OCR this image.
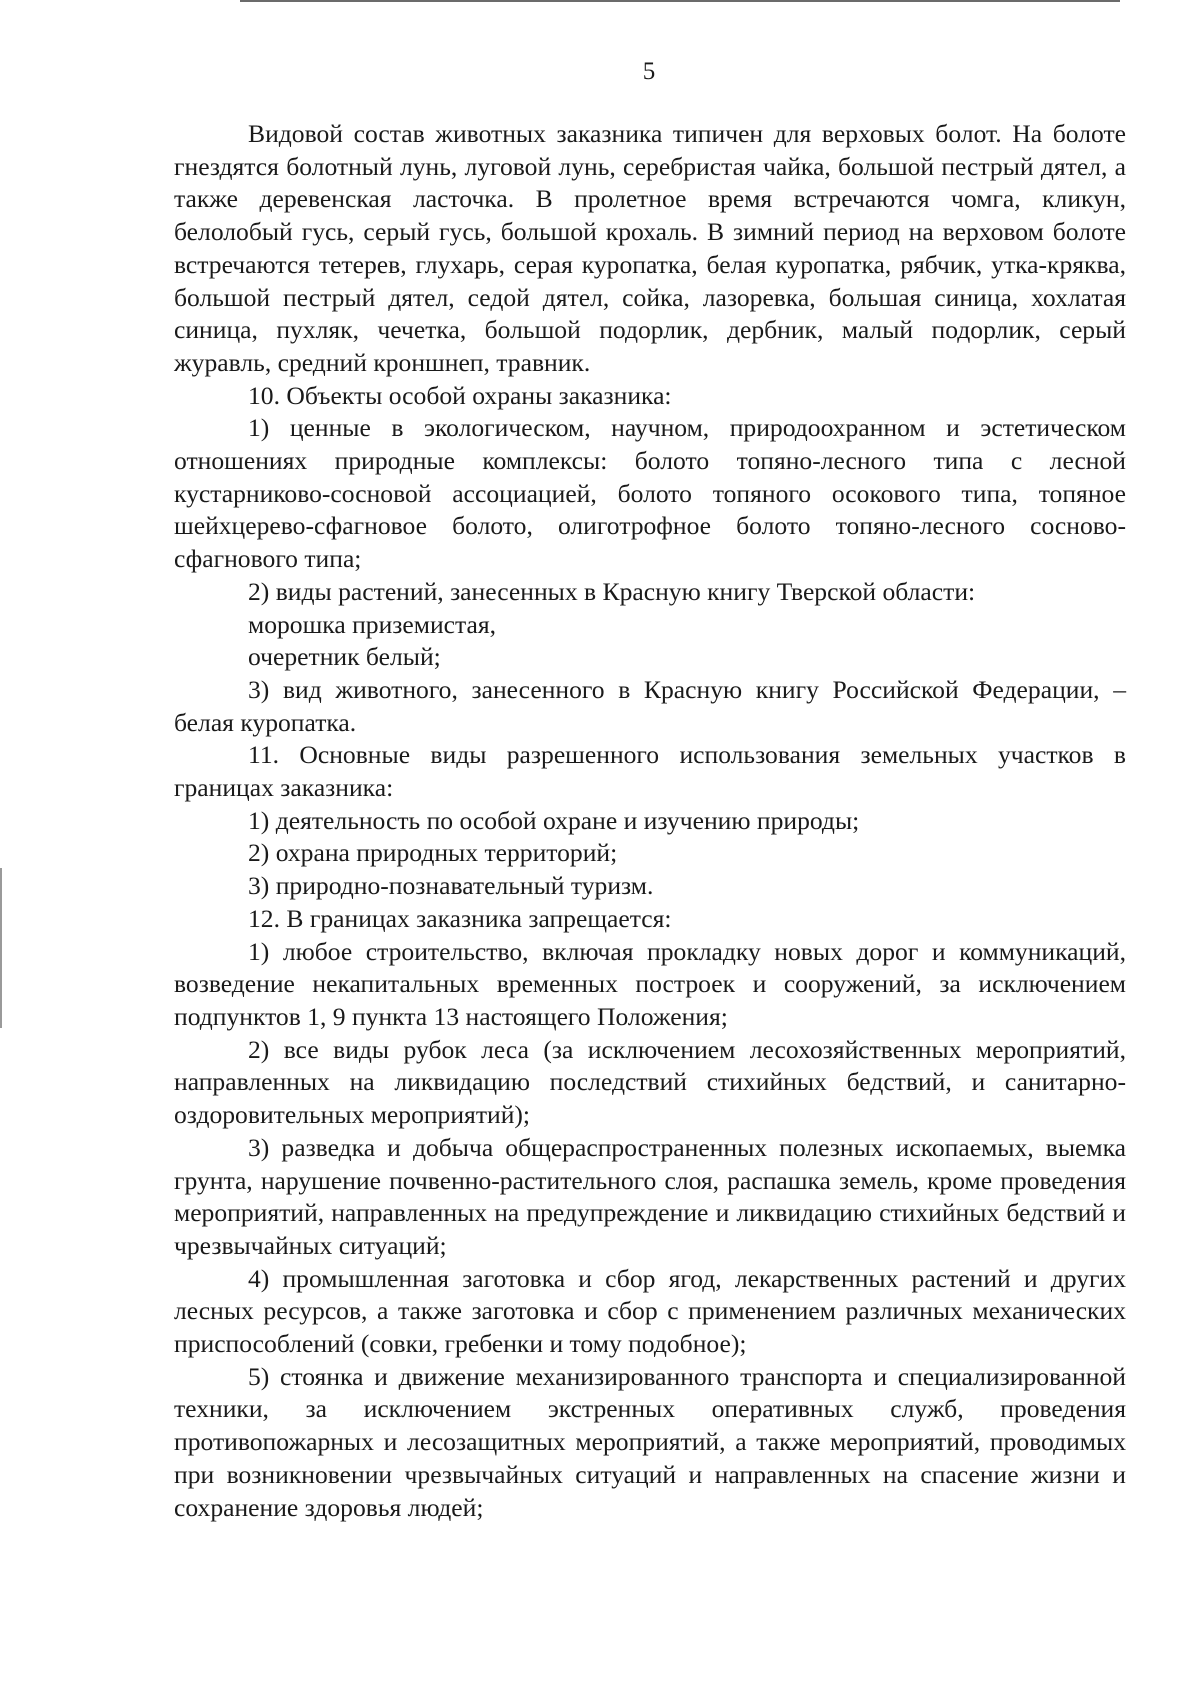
5

Видовой состав животных заказника типичен для верховых болот. На болоте гнездятся болотный лунь, луговой лунь, серебристая чайка, большой пестрый дятел, а также деревенская ласточка. В пролетное время встречаются чомга, кликун, белолобый гусь, серый гусь, большой крохаль. В зимний период на верховом болоте встречаются тетерев, глухарь, серая куропатка, белая куропатка, рябчик, утка-кряква, большой пестрый дятел, седой дятел, сойка, лазоревка, большая синица, хохлатая синица, пухляк, чечетка, большой подорлик, дербник, малый подорлик, серый журавль, средний кроншнеп, травник.

10. Объекты особой охраны заказника:

1) ценные в экологическом, научном, природоохранном и эстетическом отношениях природные комплексы: болото топяно-лесного типа с лесной кустарниково-сосновой ассоциацией, болото топяного осокового типа, топяное шейхцерево-сфагновое болото, олиготрофное болото топяно-лесного сосново-сфагнового типа;

2) виды растений, занесенных в Красную книгу Тверской области:

морошка приземистая,

очеретник белый;

3) вид животного, занесенного в Красную книгу Российской Федерации, – белая куропатка.

11. Основные виды разрешенного использования земельных участков в границах заказника:

1) деятельность по особой охране и изучению природы;

2) охрана природных территорий;

3) природно-познавательный туризм.

12. В границах заказника запрещается:

1) любое строительство, включая прокладку новых дорог и коммуникаций, возведение некапитальных временных построек и сооружений, за исключением подпунктов 1, 9 пункта 13 настоящего Положения;

2) все виды рубок леса (за исключением лесохозяйственных мероприятий, направленных на ликвидацию последствий стихийных бедствий, и санитарно-оздоровительных мероприятий);

3) разведка и добыча общераспространенных полезных ископаемых, выемка грунта, нарушение почвенно-растительного слоя, распашка земель, кроме проведения мероприятий, направленных на предупреждение и ликвидацию стихийных бедствий и чрезвычайных ситуаций;

4) промышленная заготовка и сбор ягод, лекарственных растений и других лесных ресурсов, а также заготовка и сбор с применением различных механических приспособлений (совки, гребенки и тому подобное);

5) стоянка и движение механизированного транспорта и специализированной техники, за исключением экстренных оперативных служб, проведения противопожарных и лесозащитных мероприятий, а также мероприятий, проводимых при возникновении чрезвычайных ситуаций и направленных на спасение жизни и сохранение здоровья людей;
